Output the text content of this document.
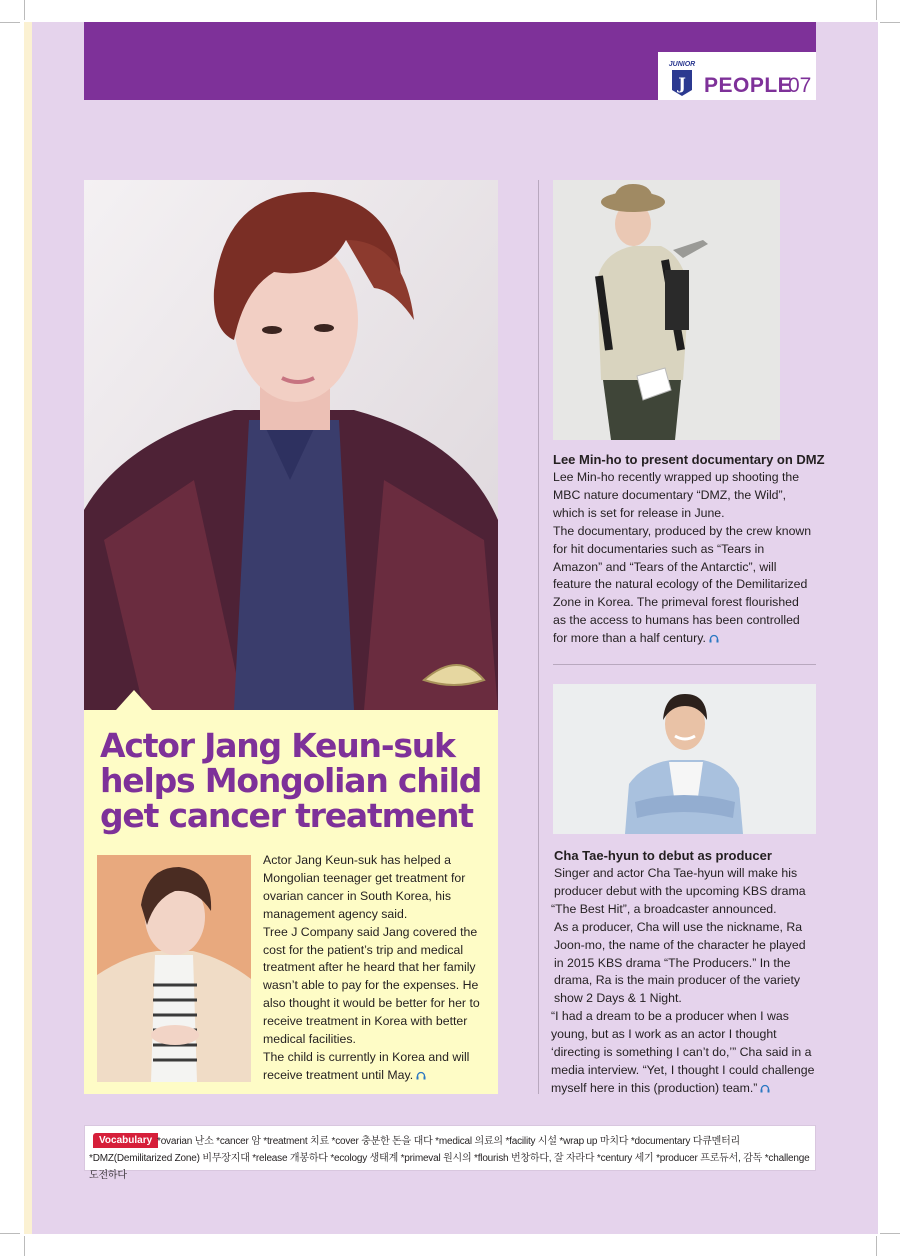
JUNIOR
J PEOPLE
07
Actor Jang Keun-suk helps Mongolian child get cancer treatment
Actor Jang Keun-suk has helped a Mongolian teenager get treatment for ovarian cancer in South Korea, his management agency said.
Tree J Company said Jang covered the cost for the patient’s trip and medical treatment after he heard that her family wasn’t able to pay for the expenses. He also thought it would be better for her to receive treatment in Korea with better medical facilities.
The child is currently in Korea and will receive treatment until May.
Lee Min-ho to present documentary on DMZ
Lee Min-ho recently wrapped up shooting the MBC nature documentary “DMZ, the Wild”, which is set for release in June.
The documentary, produced by the crew known for hit documentaries such as “Tears in Amazon” and “Tears of the Antarctic”, will feature the natural ecology of the Demilitarized Zone in Korea. The primeval forest flourished as the access to humans has been controlled for more than a half century.
Cha Tae-hyun to debut as producer
Singer and actor Cha Tae-hyun will make his producer debut with the upcoming KBS drama
“The Best Hit”, a broadcaster announced.
As a producer, Cha will use the nickname, Ra Joon-mo, the name of the character he played in 2015 KBS drama “The Producers.” In the drama, Ra is the main producer of the variety show 2 Days & 1 Night.
“I had a dream to be a producer when I was young, but as I work as an actor I thought ‘directing is something I can’t do,’” Cha said in a media interview. “Yet, I thought I could challenge myself here in this (production) team.”
Vocabulary *ovarian 난소 *cancer 암 *treatment 치료 *cover 충분한 돈을 대다 *medical 의료의 *facility 시설 *wrap up 마치다 *documentary 다큐멘터리 *DMZ(Demilitarized Zone) 비무장지대 *release 개봉하다 *ecology 생태계 *primeval 원시의 *flourish 번창하다, 잘 자라다 *century 세기 *producer 프로듀서, 감독 *challenge 도전하다
